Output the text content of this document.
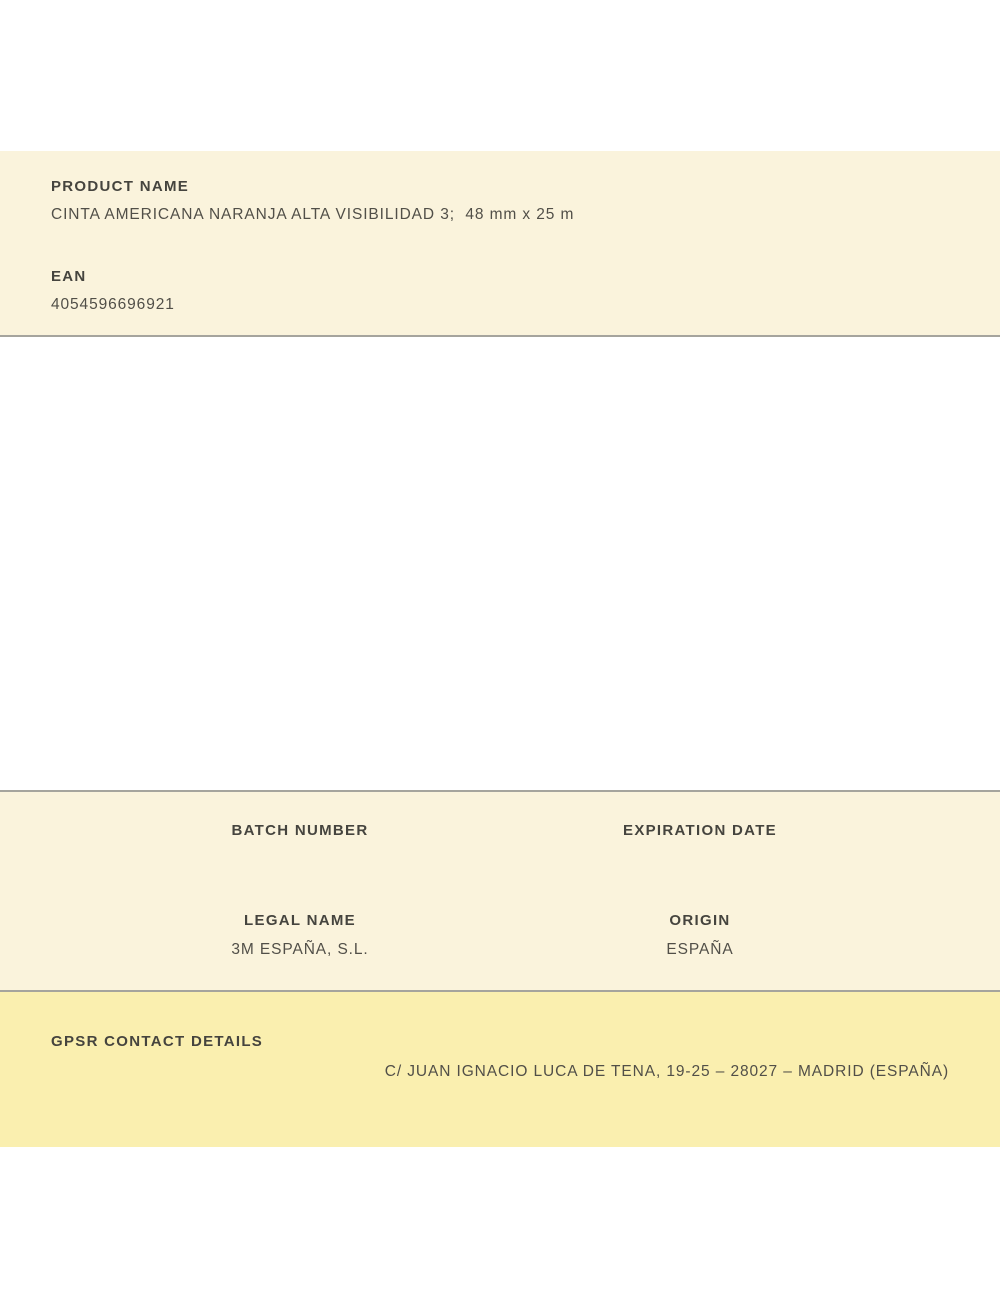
PRODUCT NAME
CINTA AMERICANA NARANJA ALTA VISIBILIDAD 3;  48 mm x 25 m
EAN
4054596696921
BATCH NUMBER
LEGAL NAME
3M ESPAÑA, S.L.
EXPIRATION DATE
ORIGIN
ESPAÑA
GPSR CONTACT DETAILS
C/ JUAN IGNACIO LUCA DE TENA, 19-25 – 28027 – MADRID (ESPAÑA)
